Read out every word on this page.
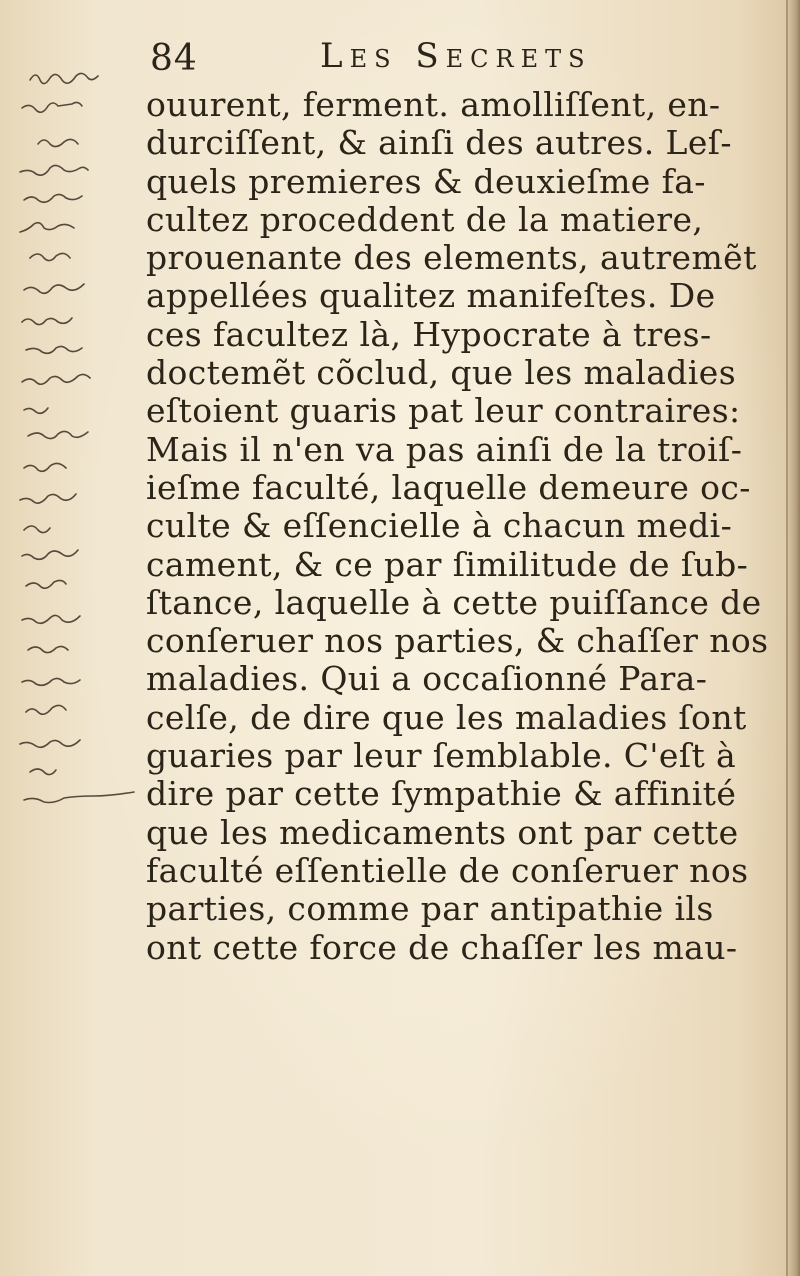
84	Les Secrets
ouurent, ferment. amolliſſent, en-
durciſſent, & ainſi des autres. Leſ-
quels premieres & deuxieſme fa-
cultez proceddent de la matiere,
prouenante des elements, autremẽt
appellées qualitez manifeſtes. De
ces facultez là, Hypocrate à tres-
doctemẽt cõclud, que les maladies
eſtoient guaris pat leur contraires:
Mais il n'en va pas ainſi de la troiſ-
ieſme faculté, laquelle demeure oc-
culte & eſſencielle à chacun medi-
cament, & ce par ſimilitude de ſub-
ſtance, laquelle à cette puiſſance de
conſeruer nos parties, & chaſſer nos
maladies. Qui a occaſionné Para-
celſe, de dire que les maladies ſont
guaries par leur ſemblable. C'eſt à
dire par cette ſympathie & affinité
que les medicaments ont par cette
faculté eſſentielle de conſeruer nos
parties, comme par antipathie ils
ont cette force de chaſſer les mau-
